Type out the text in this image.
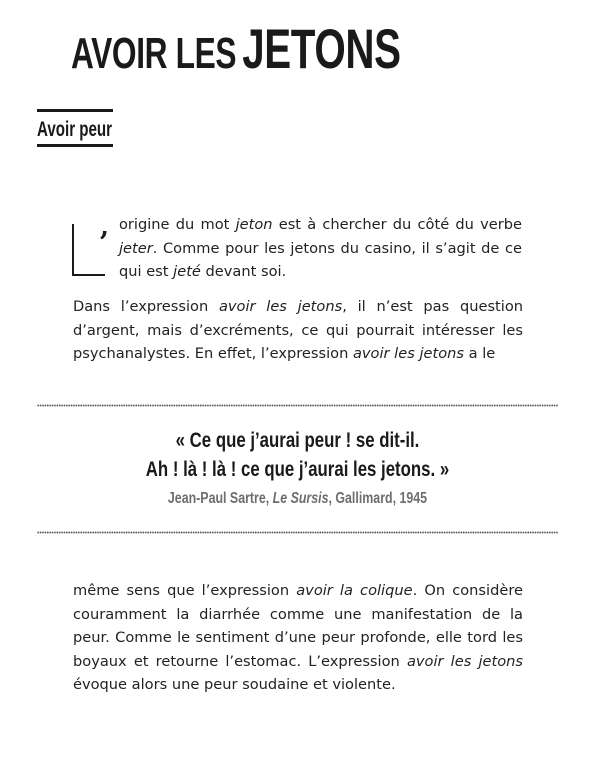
AVOIR LES JETONS
Avoir peur
, origine du mot jeton est à chercher du côté du verbe jeter. Comme pour les jetons du casino, il s’agit de ce qui est jeté devant soi.

Dans l’expression avoir les jetons, il n’est pas question d’argent, mais d’excréments, ce qui pourrait intéresser les psychanalystes. En effet, l’expression avoir les jetons a le

« Ce que j’aurai peur ! se dit-il.
Ah ! là ! là ! ce que j’aurai les jetons. »
Jean-Paul Sartre, Le Sursis, Gallimard, 1945

même sens que l’expression avoir la colique. On considère couramment la diarrhée comme une manifestation de la peur. Comme le sentiment d’une peur profonde, elle tord les boyaux et retourne l’estomac. L’expression avoir les jetons évoque alors une peur soudaine et violente.
